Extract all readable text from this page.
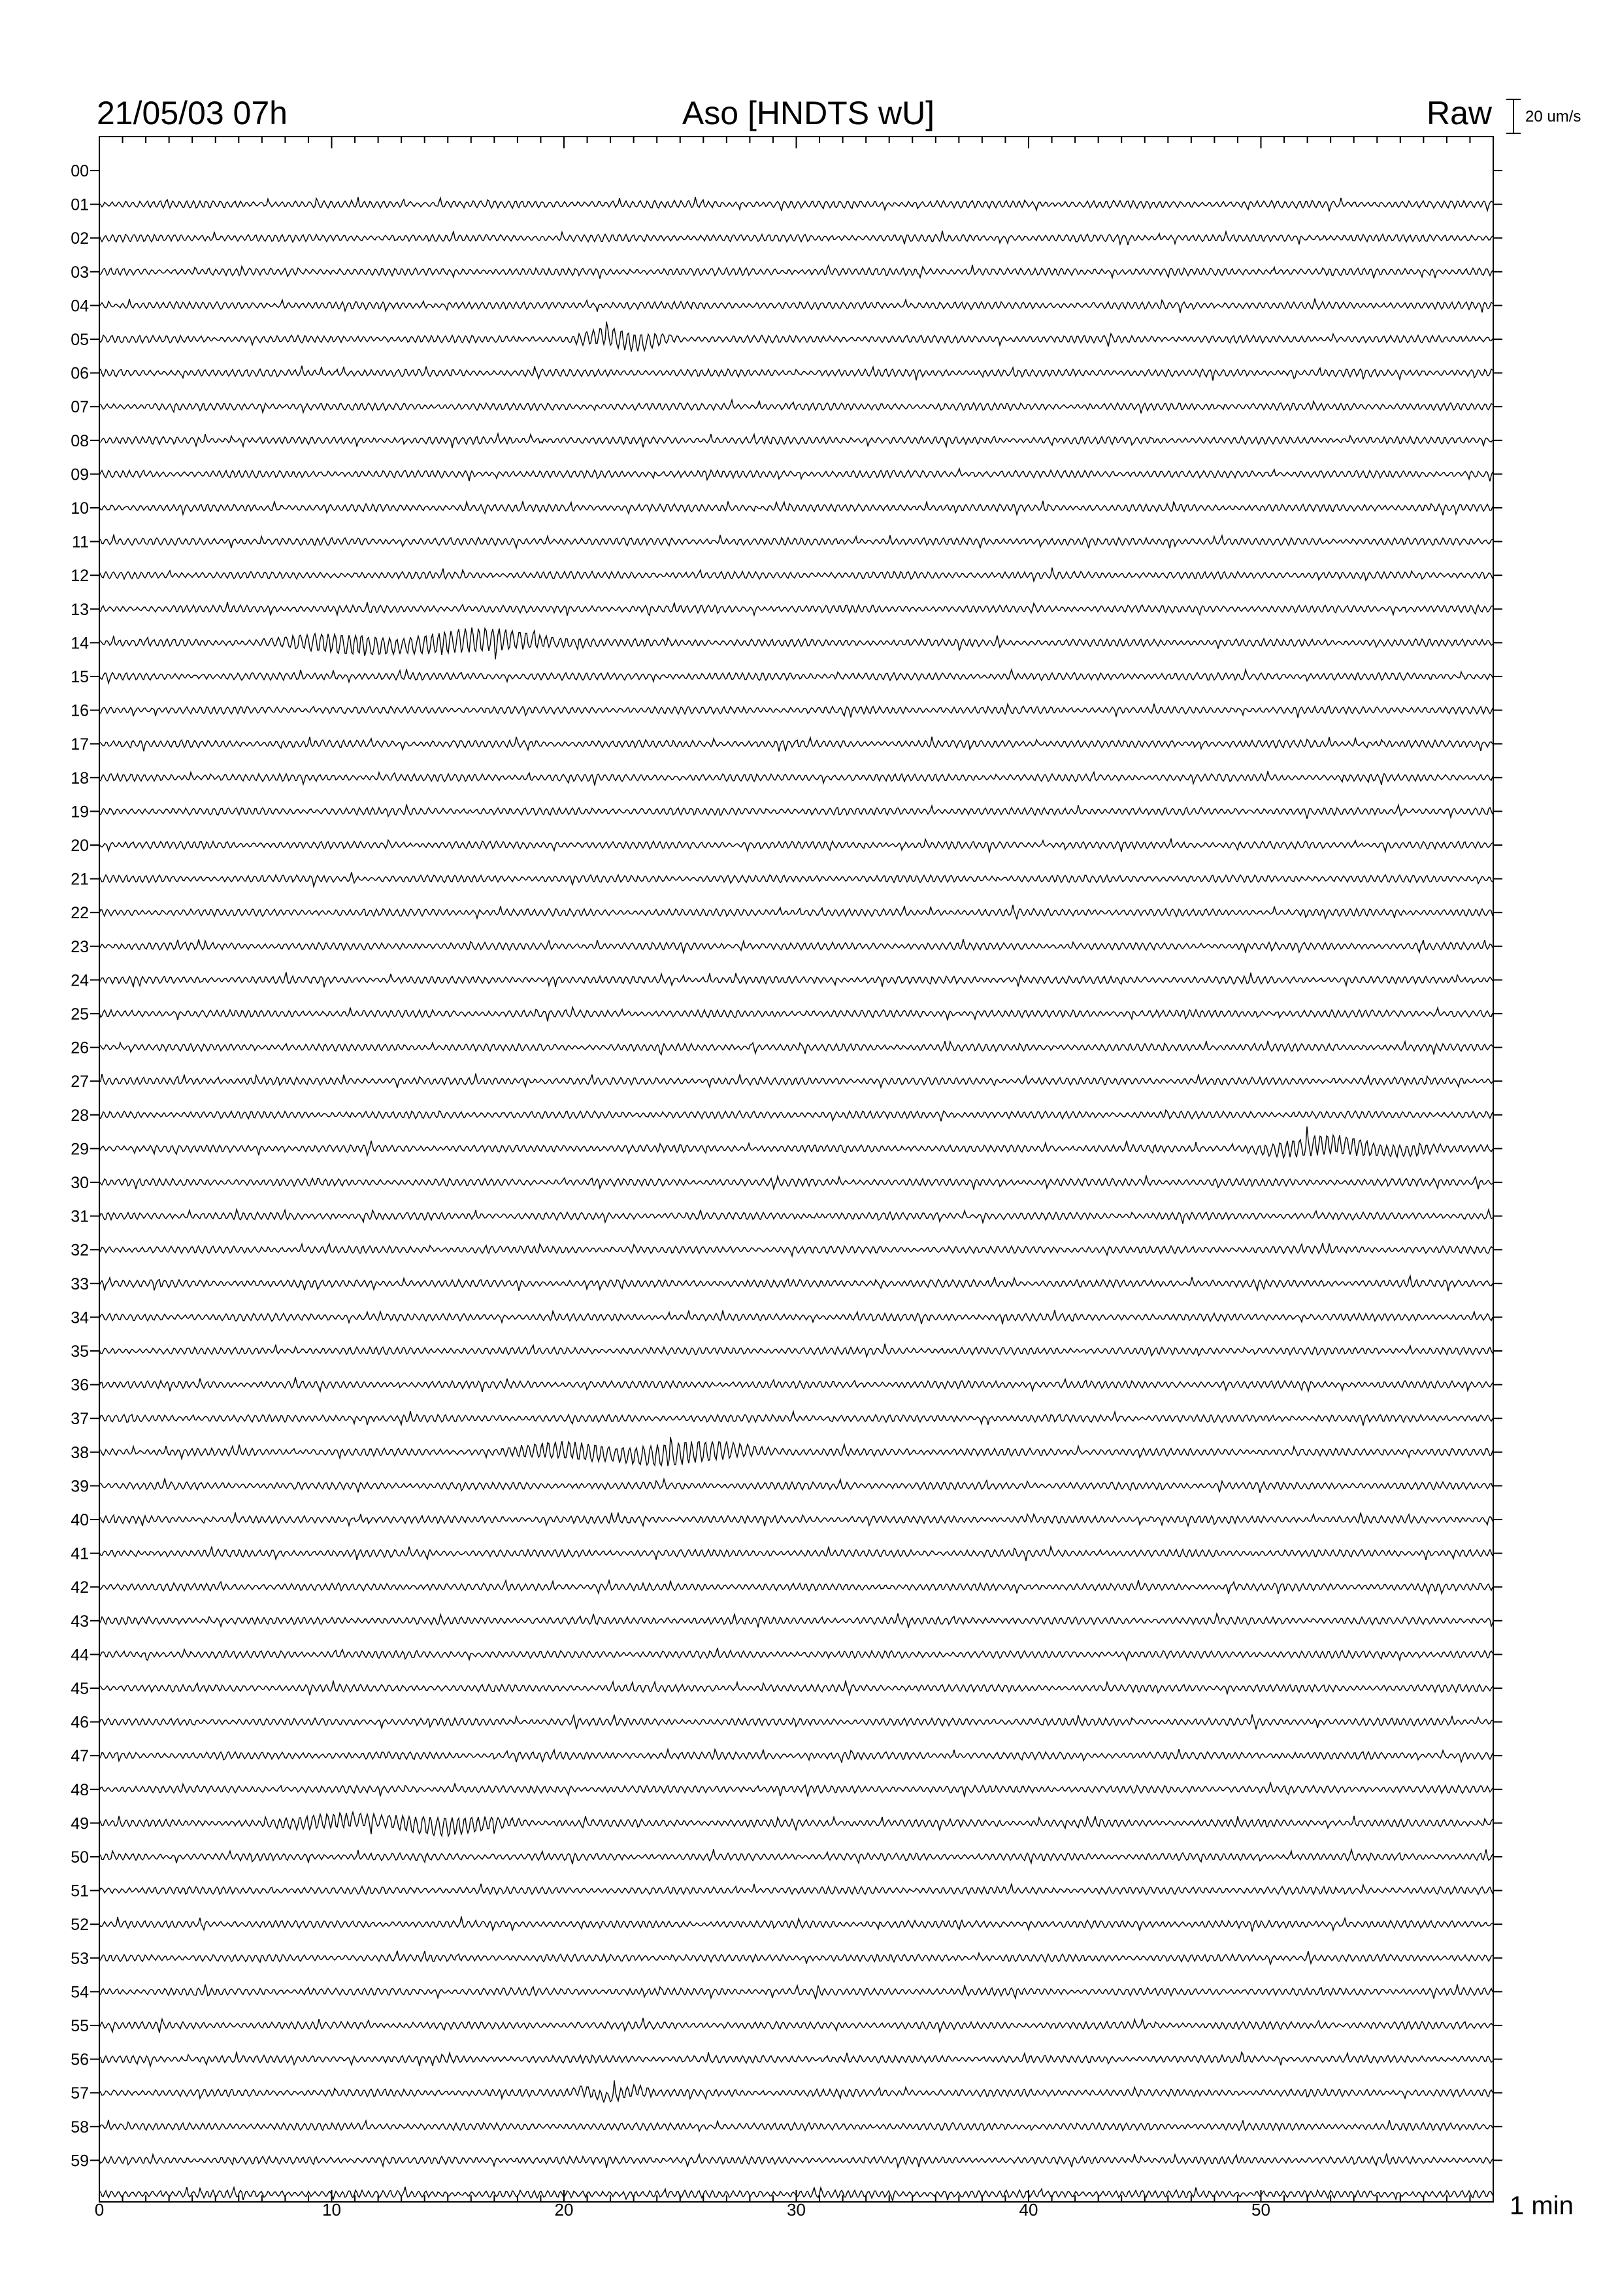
21/05/03 07h	Aso [HNDTS wU]	Raw 20 um/s
00
01
02
03
04
05
06
07
08
09
10
11
12
13
14
15
16
17
18
19
20
21
22
23
24
25
26
27
28
29
30
31
32
33
34
35
36
37
38
39
40
41
42
43
44
45
46
47
48
49
50
51
52
53
54
55
56
57
58
59
0	10	20	30	40	50	1 min
